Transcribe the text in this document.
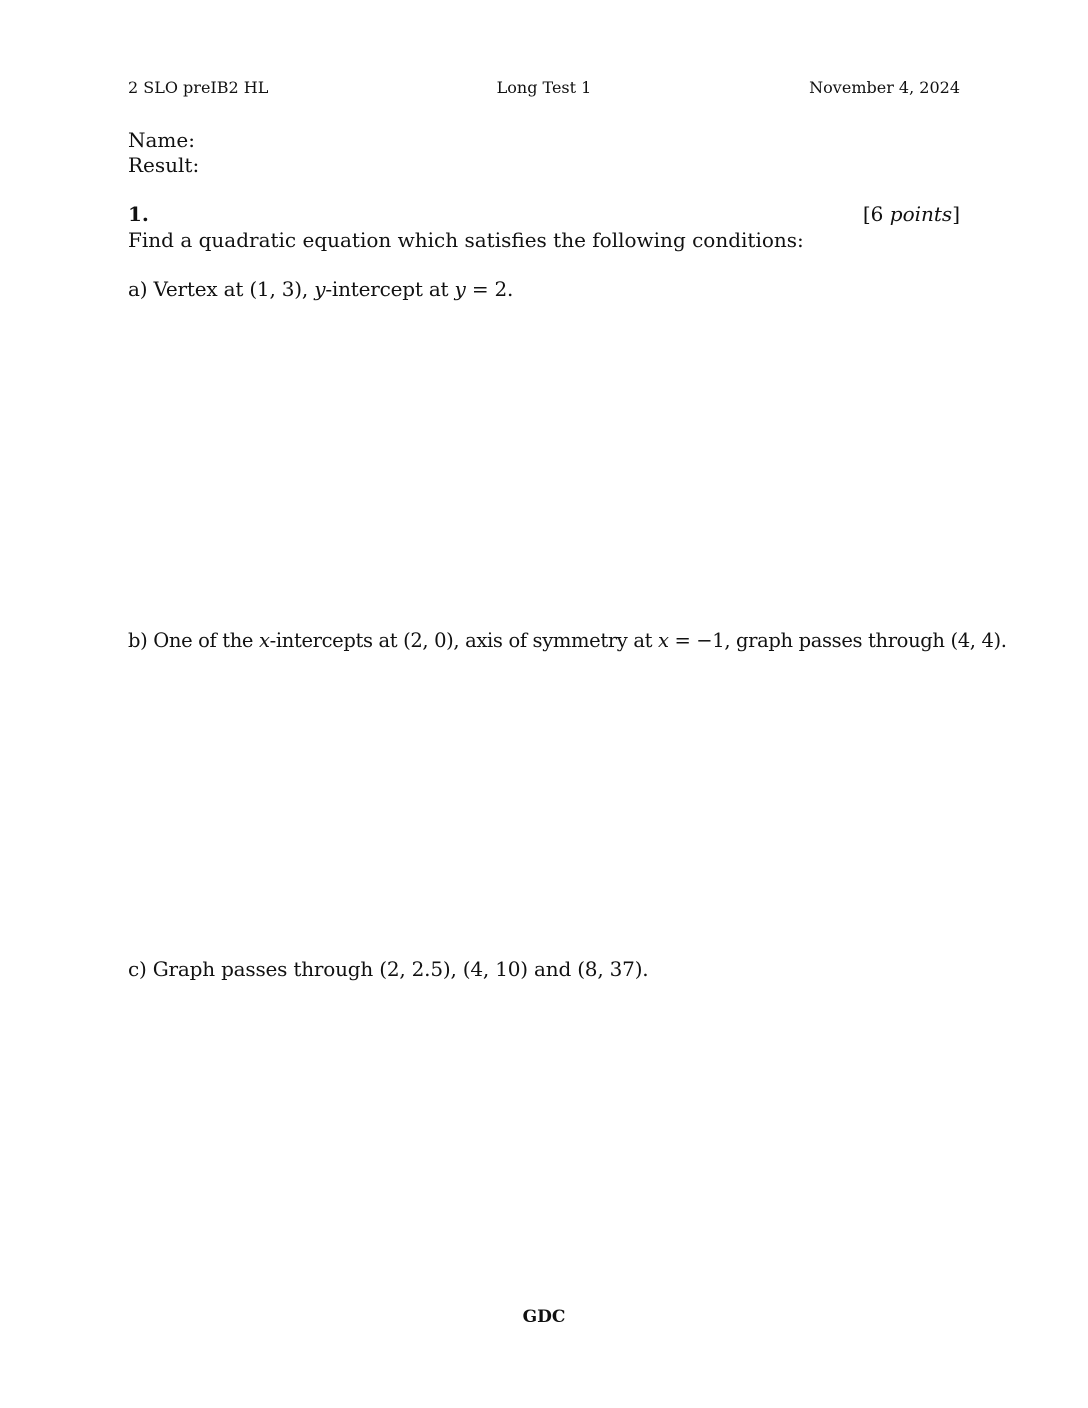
2 SLO preIB2 HL	Long Test 1	November 4, 2024
Name:
Result:
1.	[6 points]
Find a quadratic equation which satisfies the following conditions:
a) Vertex at (1, 3), y-intercept at y = 2.
b) One of the x-intercepts at (2, 0), axis of symmetry at x = −1, graph passes through (4, 4).
c) Graph passes through (2, 2.5), (4, 10) and (8, 37).
GDC
